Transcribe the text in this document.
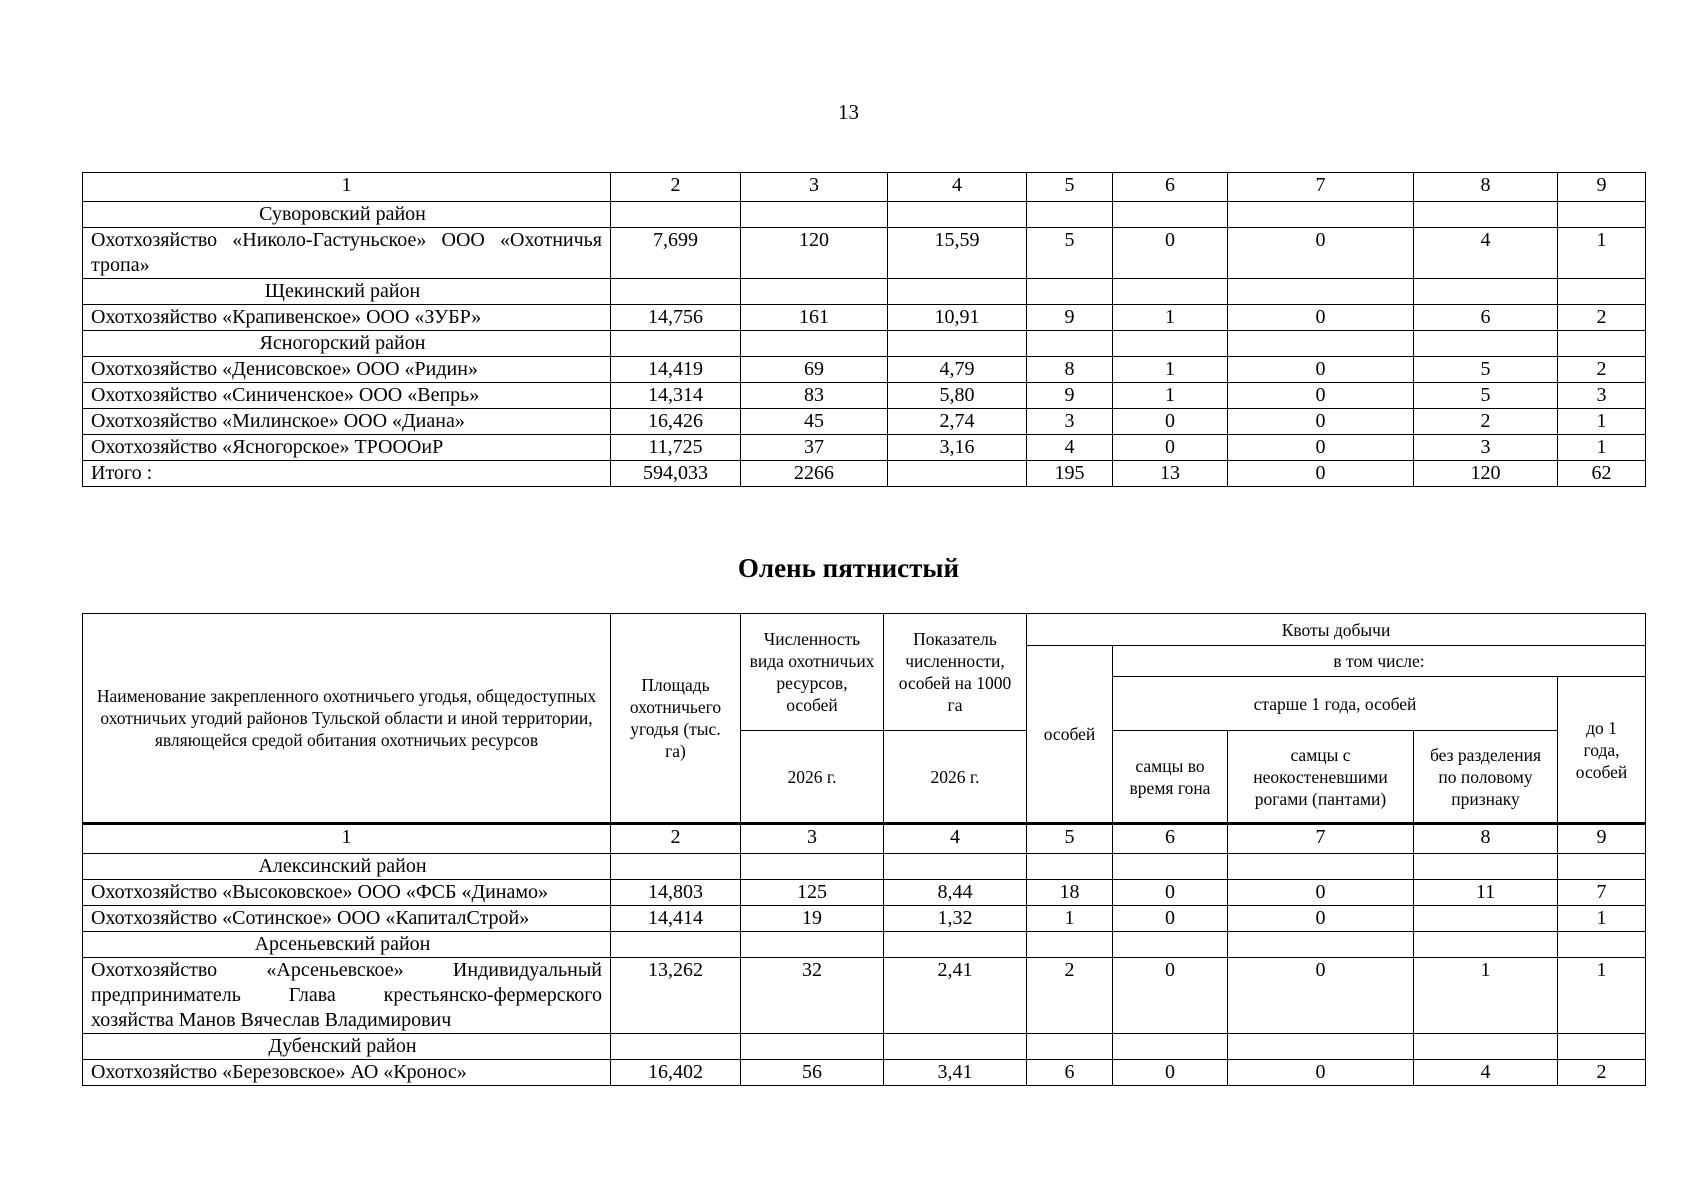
13
1	2	3	4	5	6	7	8	9
Суворовский район								
Охотхозяйство «Николо-Гастуньское» ООО «Охотничья тропа»	7,699	120	15,59	5	0	0	4	1
Щекинский район								
Охотхозяйство «Крапивенское» ООО «ЗУБР»	14,756	161	10,91	9	1	0	6	2
Ясногорский район								
Охотхозяйство «Денисовское» ООО «Ридин»	14,419	69	4,79	8	1	0	5	2
Охотхозяйство «Синиченское» ООО «Вепрь»	14,314	83	5,80	9	1	0	5	3
Охотхозяйство «Милинское» ООО «Диана»	16,426	45	2,74	3	0	0	2	1
Охотхозяйство «Ясногорское» ТРОООиР	11,725	37	3,16	4	0	0	3	1
Итого :	594,033	2266		195	13	0	120	62
Олень пятнистый
Наименование закрепленного охотничьего угодья, общедоступных охотничьих угодий районов Тульской области и иной территории, являющейся средой обитания охотничьих ресурсов	Площадь охотничьего угодья (тыс. га)	Численность вида охотничьих ресурсов, особей	Показатель численности, особей на 1000 га	Квоты добычи				
				особей	в том числе:			
					старше 1 года, особей			до 1 года, особей
		2026 г.	2026 г.		самцы во время гона	самцы с неокостеневшими рогами (пантами)	без разделения по половому признаку	
1	2	3	4	5	6	7	8	9
Алексинский район								
Охотхозяйство «Высоковское» ООО «ФСБ «Динамо»	14,803	125	8,44	18	0	0	11	7
Охотхозяйство «Сотинское» ООО «КапиталСтрой»	14,414	19	1,32	1	0	0		1
Арсеньевский район								
Охотхозяйство «Арсеньевское» Индивидуальный предприниматель Глава крестьянско-фермерского хозяйства Манов Вячеслав Владимирович	13,262	32	2,41	2	0	0	1	1
Дубенский район								
Охотхозяйство «Березовское» АО «Кронос»	16,402	56	3,41	6	0	0	4	2
